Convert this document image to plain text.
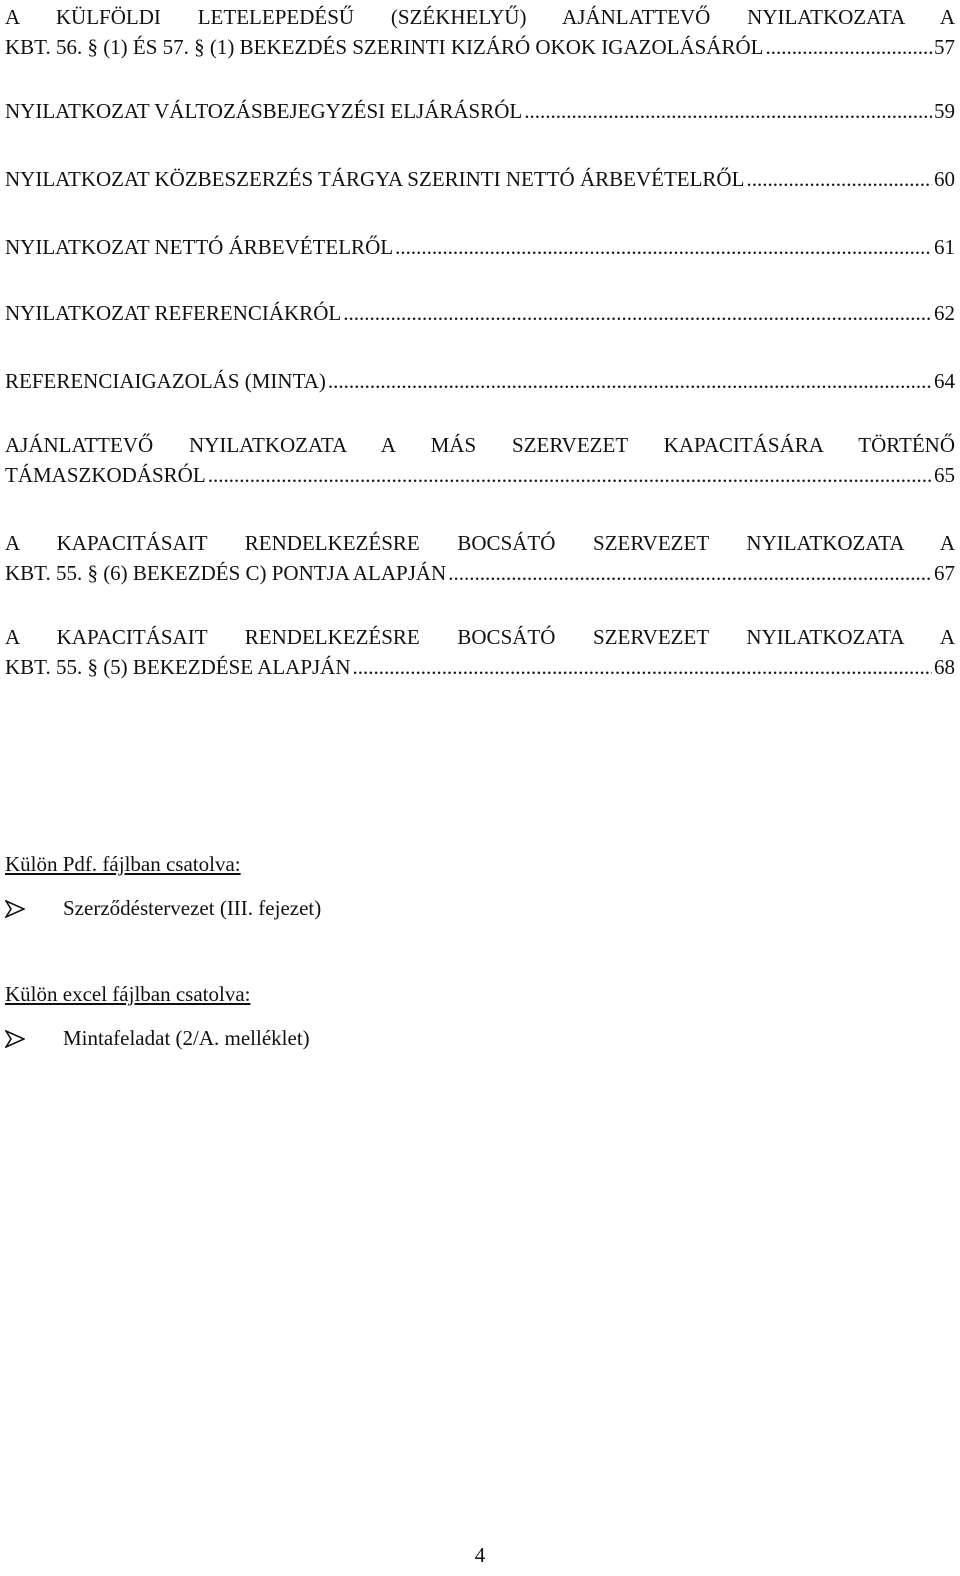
A KÜLFÖLDI LETELEPEDÉSŰ (SZÉKHELYŰ) AJÁNLATTEVŐ NYILATKOZATA A
KBT. 56. § (1) ÉS 57. § (1) BEKEZDÉS SZERINTI KIZÁRÓ OKOK IGAZOLÁSÁRÓL .....	57
NYILATKOZAT VÁLTOZÁSBEJEGYZÉSI ELJÁRÁSRÓL .....	59
NYILATKOZAT KÖZBESZERZÉS TÁRGYA SZERINTI NETTÓ ÁRBEVÉTELRŐL .....	60
NYILATKOZAT NETTÓ ÁRBEVÉTELRŐL .....	61
NYILATKOZAT REFERENCIÁKRÓL .....	62
REFERENCIAIGAZOLÁS (MINTA) .....	64
AJÁNLATTEVŐ NYILATKOZATA A MÁS SZERVEZET KAPACITÁSÁRA TÖRTÉNŐ
TÁMASZKODÁSRÓL .....	65
A KAPACITÁSAIT RENDELKEZÉSRE BOCSÁTÓ SZERVEZET NYILATKOZATA A
KBT. 55. § (6) BEKEZDÉS C) PONTJA ALAPJÁN .....	67
A KAPACITÁSAIT RENDELKEZÉSRE BOCSÁTÓ SZERVEZET NYILATKOZATA A
KBT. 55. § (5) BEKEZDÉSE ALAPJÁN .....	68
Külön Pdf. fájlban csatolva:
Szerződéstervezet (III. fejezet)
Külön excel fájlban csatolva:
Mintafeladat (2/A. melléklet)
4
